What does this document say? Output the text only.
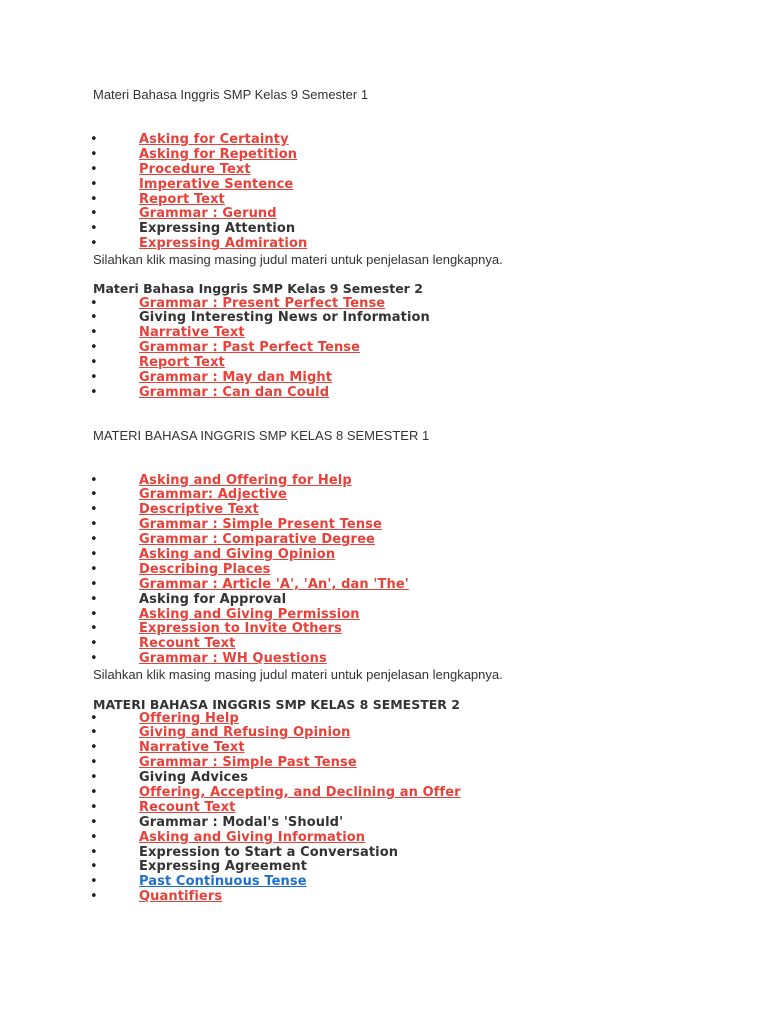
Materi Bahasa Inggris SMP Kelas 9 Semester 1
•	Asking for Certainty
•	Asking for Repetition
•	Procedure Text
•	Imperative Sentence
•	Report Text
•	Grammar : Gerund
•	Expressing Attention
•	Expressing Admiration
Silahkan klik masing masing judul materi untuk penjelasan lengkapnya.
Materi Bahasa Inggris SMP Kelas 9 Semester 2
•	Grammar : Present Perfect Tense
•	Giving Interesting News or Information
•	Narrative Text
•	Grammar : Past Perfect Tense
•	Report Text
•	Grammar : May dan Might
•	Grammar : Can dan Could
MATERI BAHASA INGGRIS SMP KELAS 8 SEMESTER 1
•	Asking and Offering for Help
•	Grammar: Adjective
•	Descriptive Text
•	Grammar : Simple Present Tense
•	Grammar : Comparative Degree
•	Asking and Giving Opinion
•	Describing Places
•	Grammar : Article 'A', 'An', dan 'The'
•	Asking for Approval
•	Asking and Giving Permission
•	Expression to Invite Others
•	Recount Text
•	Grammar : WH Questions
Silahkan klik masing masing judul materi untuk penjelasan lengkapnya.
MATERI BAHASA INGGRIS SMP KELAS 8 SEMESTER 2
•	Offering Help
•	Giving and Refusing Opinion
•	Narrative Text
•	Grammar : Simple Past Tense
•	Giving Advices
•	Offering, Accepting, and Declining an Offer
•	Recount Text
•	Grammar : Modal's 'Should'
•	Asking and Giving Information
•	Expression to Start a Conversation
•	Expressing Agreement
•	Past Continuous Tense
•	Quantifiers
